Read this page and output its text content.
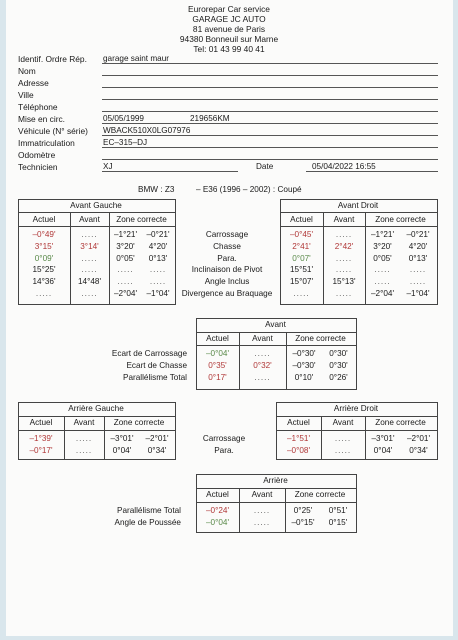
Eurorepar Car service
GARAGE JC AUTO
81 avenue de Paris
94380 Bonneuil sur Marne
Tel: 01 43 99 40 41
Identif. Ordre Rép. garage saint maur
Nom
Adresse
Ville
Téléphone
Mise en circ.	05/05/1999	219656KM
Véhicule (N° série) WBACK510X0LG07976
Immatriculation	EC–315–DJ
Odomètre
Technicien	XJ	Date	05/04/2022 16:55
BMW : Z3	– E36 (1996 – 2002) : Coupé
Avant Gauche
Actuel	Avant	Zone correcte
Avant Droit
Actuel	Avant	Zone correcte
Carrossage
–0°49'	.....	–1°21'	–0°21'	–0°45'	.....	–1°21'	–0°21'
Chasse
3°15'	3°14'	3°20'	4°20'	2°41'	2°42'	3°20'	4°20'
Para.
0°09'	.....	0°05'	0°13'	0°07'	.....	0°05'	0°13'
Inclinaison de Pivot
15°25'	.....	.....	.....	15°51'	.....	.....	.....
Angle Inclus
14°36'	14°48'	.....	.....	15°07'	15°13'	.....	.....
Divergence au Braquage
.....	.....	–2°04'	–1°04'	.....	.....	–2°04'	–1°04'
Avant
Actuel	Avant	Zone correcte
Ecart de Carrossage	–0°04'	.....	–0°30'	0°30'
Ecart de Chasse	0°35'	0°32'	–0°30'	0°30'
Parallélisme Total	0°17'	.....	0°10'	0°26'
Arrière Gauche
Actuel	Avant	Zone correcte
Arrière Droit
Actuel	Avant	Zone correcte
Carrossage
–1°39'	.....	–3°01'	–2°01'	–1°51'	.....	–3°01'	–2°01'
Para.
–0°17'	.....	0°04'	0°34'	–0°08'	.....	0°04'	0°34'
Arrière
Actuel	Avant	Zone correcte
Parallélisme Total	–0°24'	.....	0°25'	0°51'
Angle de Poussée	–0°04'	.....	–0°15'	0°15'
